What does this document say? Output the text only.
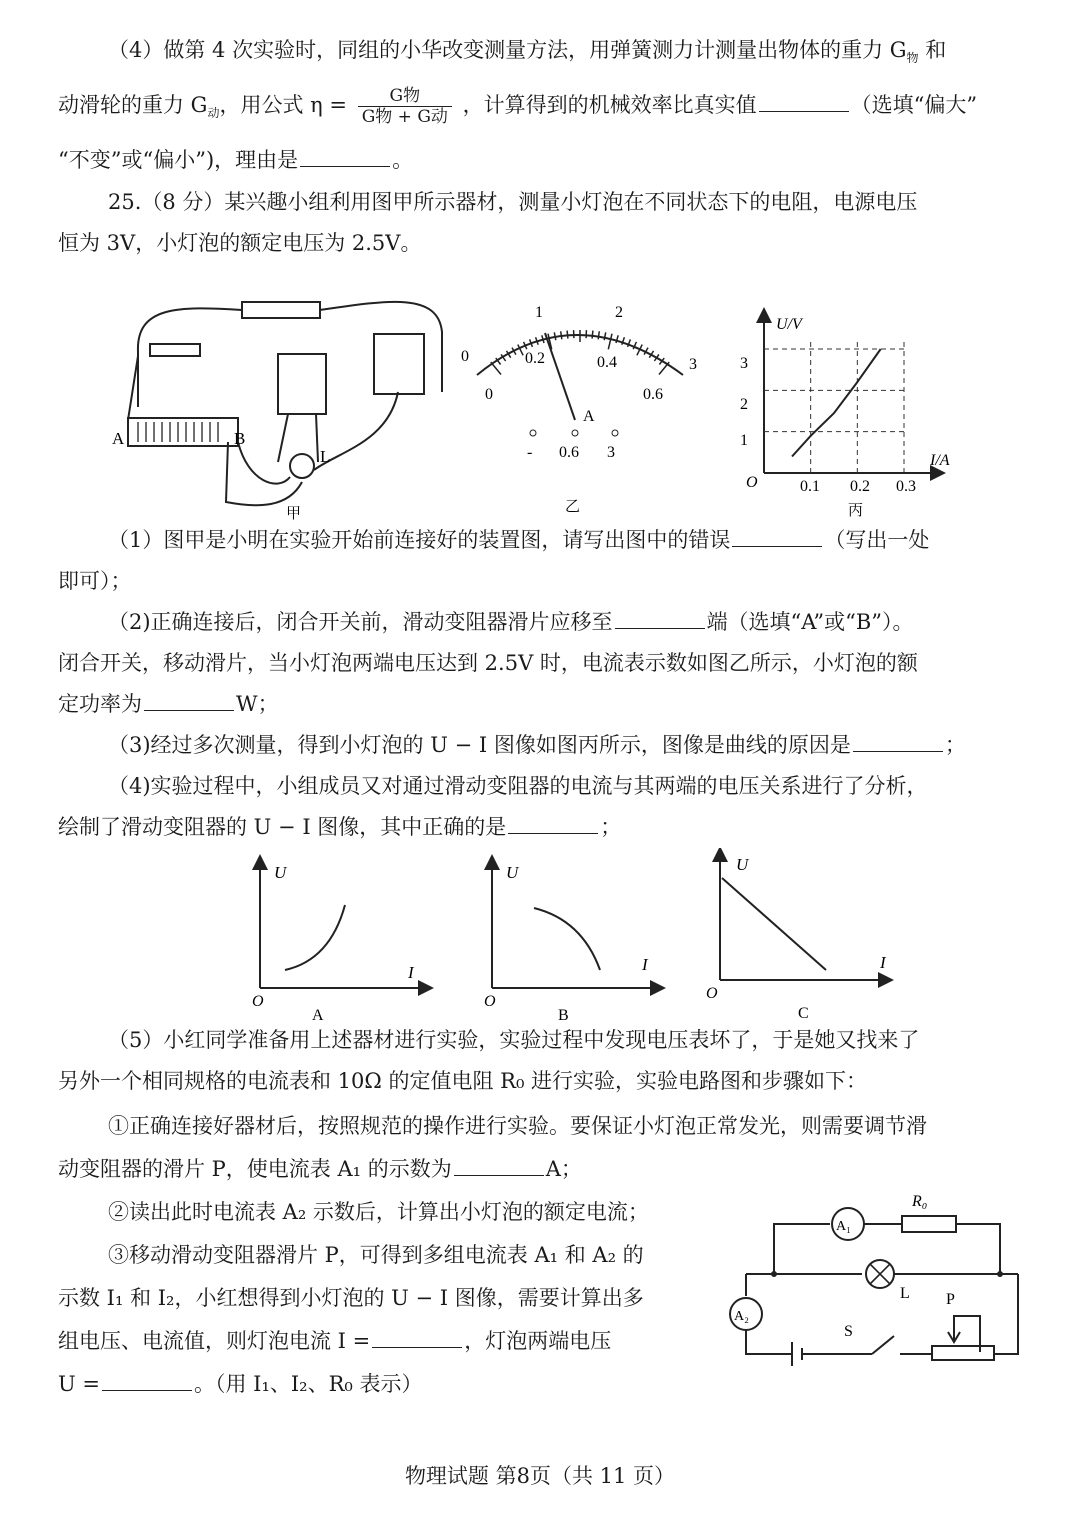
（4）做第 4 次实验时，同组的小华改变测量方法，用弹簧测力计测量出物体的重力 $G_物$ 和
动滑轮的重力 $G_动$，用公式 $\eta = \frac{\text{G物}}{\text{G物 + G动}}$ ，计算得到的机械效率比真实值	（选填“偏大”
“不变”或“偏小”)，理由是	。
25.（8 分）某兴趣小组利用图甲所示器材，测量小灯泡在不同状态下的电阻，电源电压
恒为 3V，小灯泡的额定电压为 2.5V。
A	B
L
甲
0
1	2
3
0
0.2	0.4
0.6
A
- 0.6 3
乙
U/V
I/A
O
1
2
3
0.1 0.2 0.3
丙
（1）图甲是小明在实验开始前连接好的装置图，请写出图中的错误	（写出一处
即可）；
（2)正确连接后，闭合开关前，滑动变阻器滑片应移至	端（选填“A”或“B”）。
闭合开关，移动滑片，当小灯泡两端电压达到 2.5V 时，电流表示数如图乙所示，小灯泡的额
定功率为	W；
（3)经过多次测量，得到小灯泡的 U − I 图像如图丙所示，图像是曲线的原因是	；
（4)实验过程中，小组成员又对通过滑动变阻器的电流与其两端的电压关系进行了分析，
绘制了滑动变阻器的 U − I 图像，其中正确的是	；
U
I
O
A
U
I
O
B
U
I
O
C
（5）小红同学准备用上述器材进行实验，实验过程中发现电压表坏了，于是她又找来了
另外一个相同规格的电流表和 10Ω 的定值电阻 R₀ 进行实验，实验电路图和步骤如下：
①正确连接好器材后，按照规范的操作进行实验。要保证小灯泡正常发光，则需要调节滑
动变阻器的滑片 P，使电流表 A₁ 的示数为	A；
②读出此时电流表 A₂ 示数后，计算出小灯泡的额定电流；
③移动滑动变阻器滑片 P，可得到多组电流表 A₁ 和 A₂ 的
示数 I₁ 和 I₂，小红想得到小灯泡的 U − I 图像，需要计算出多
组电压、电流值，则灯泡电流 I =	，灯泡两端电压
U =	。（用 I₁、I₂、R₀ 表示）
A₁
A₂
R₀
L
S
P
物理试题 第8页（共 11 页）
